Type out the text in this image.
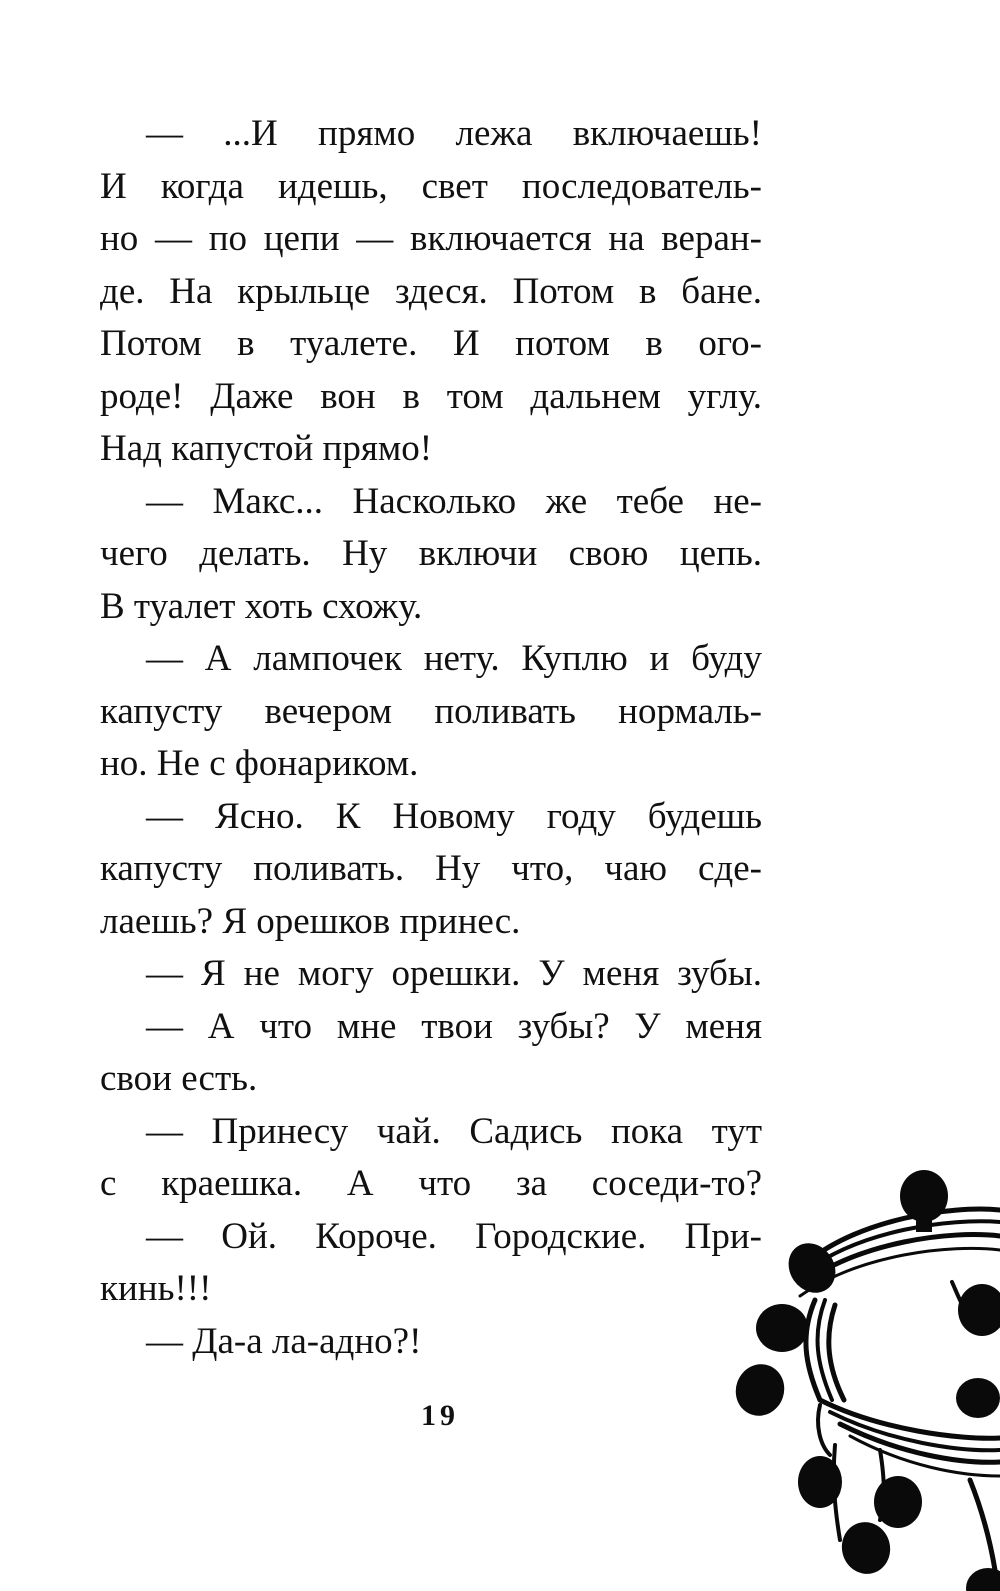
— ...И прямо лежа включаешь!
И когда идешь, свет последователь-
но — по цепи — включается на веран-
де. На крыльце здеся. Потом в бане.
Потом в туалете. И потом в ого-
роде! Даже вон в том дальнем углу.
Над капустой прямо!
— Макс... Насколько же тебе не-
чего делать. Ну включи свою цепь.
В туалет хоть схожу.
— А лампочек нету. Куплю и буду
капусту вечером поливать нормаль-
но. Не с фонариком.
— Ясно. К Новому году будешь
капусту поливать. Ну что, чаю сде-
лаешь? Я орешков принес.
— Я не могу орешки. У меня зубы.
— А что мне твои зубы? У меня
свои есть.
— Принесу чай. Садись пока тут
с краешка. А что за соседи-то?
— Ой. Короче. Городские. При-
кинь!!!
— Да-а ла-адно?!
19
